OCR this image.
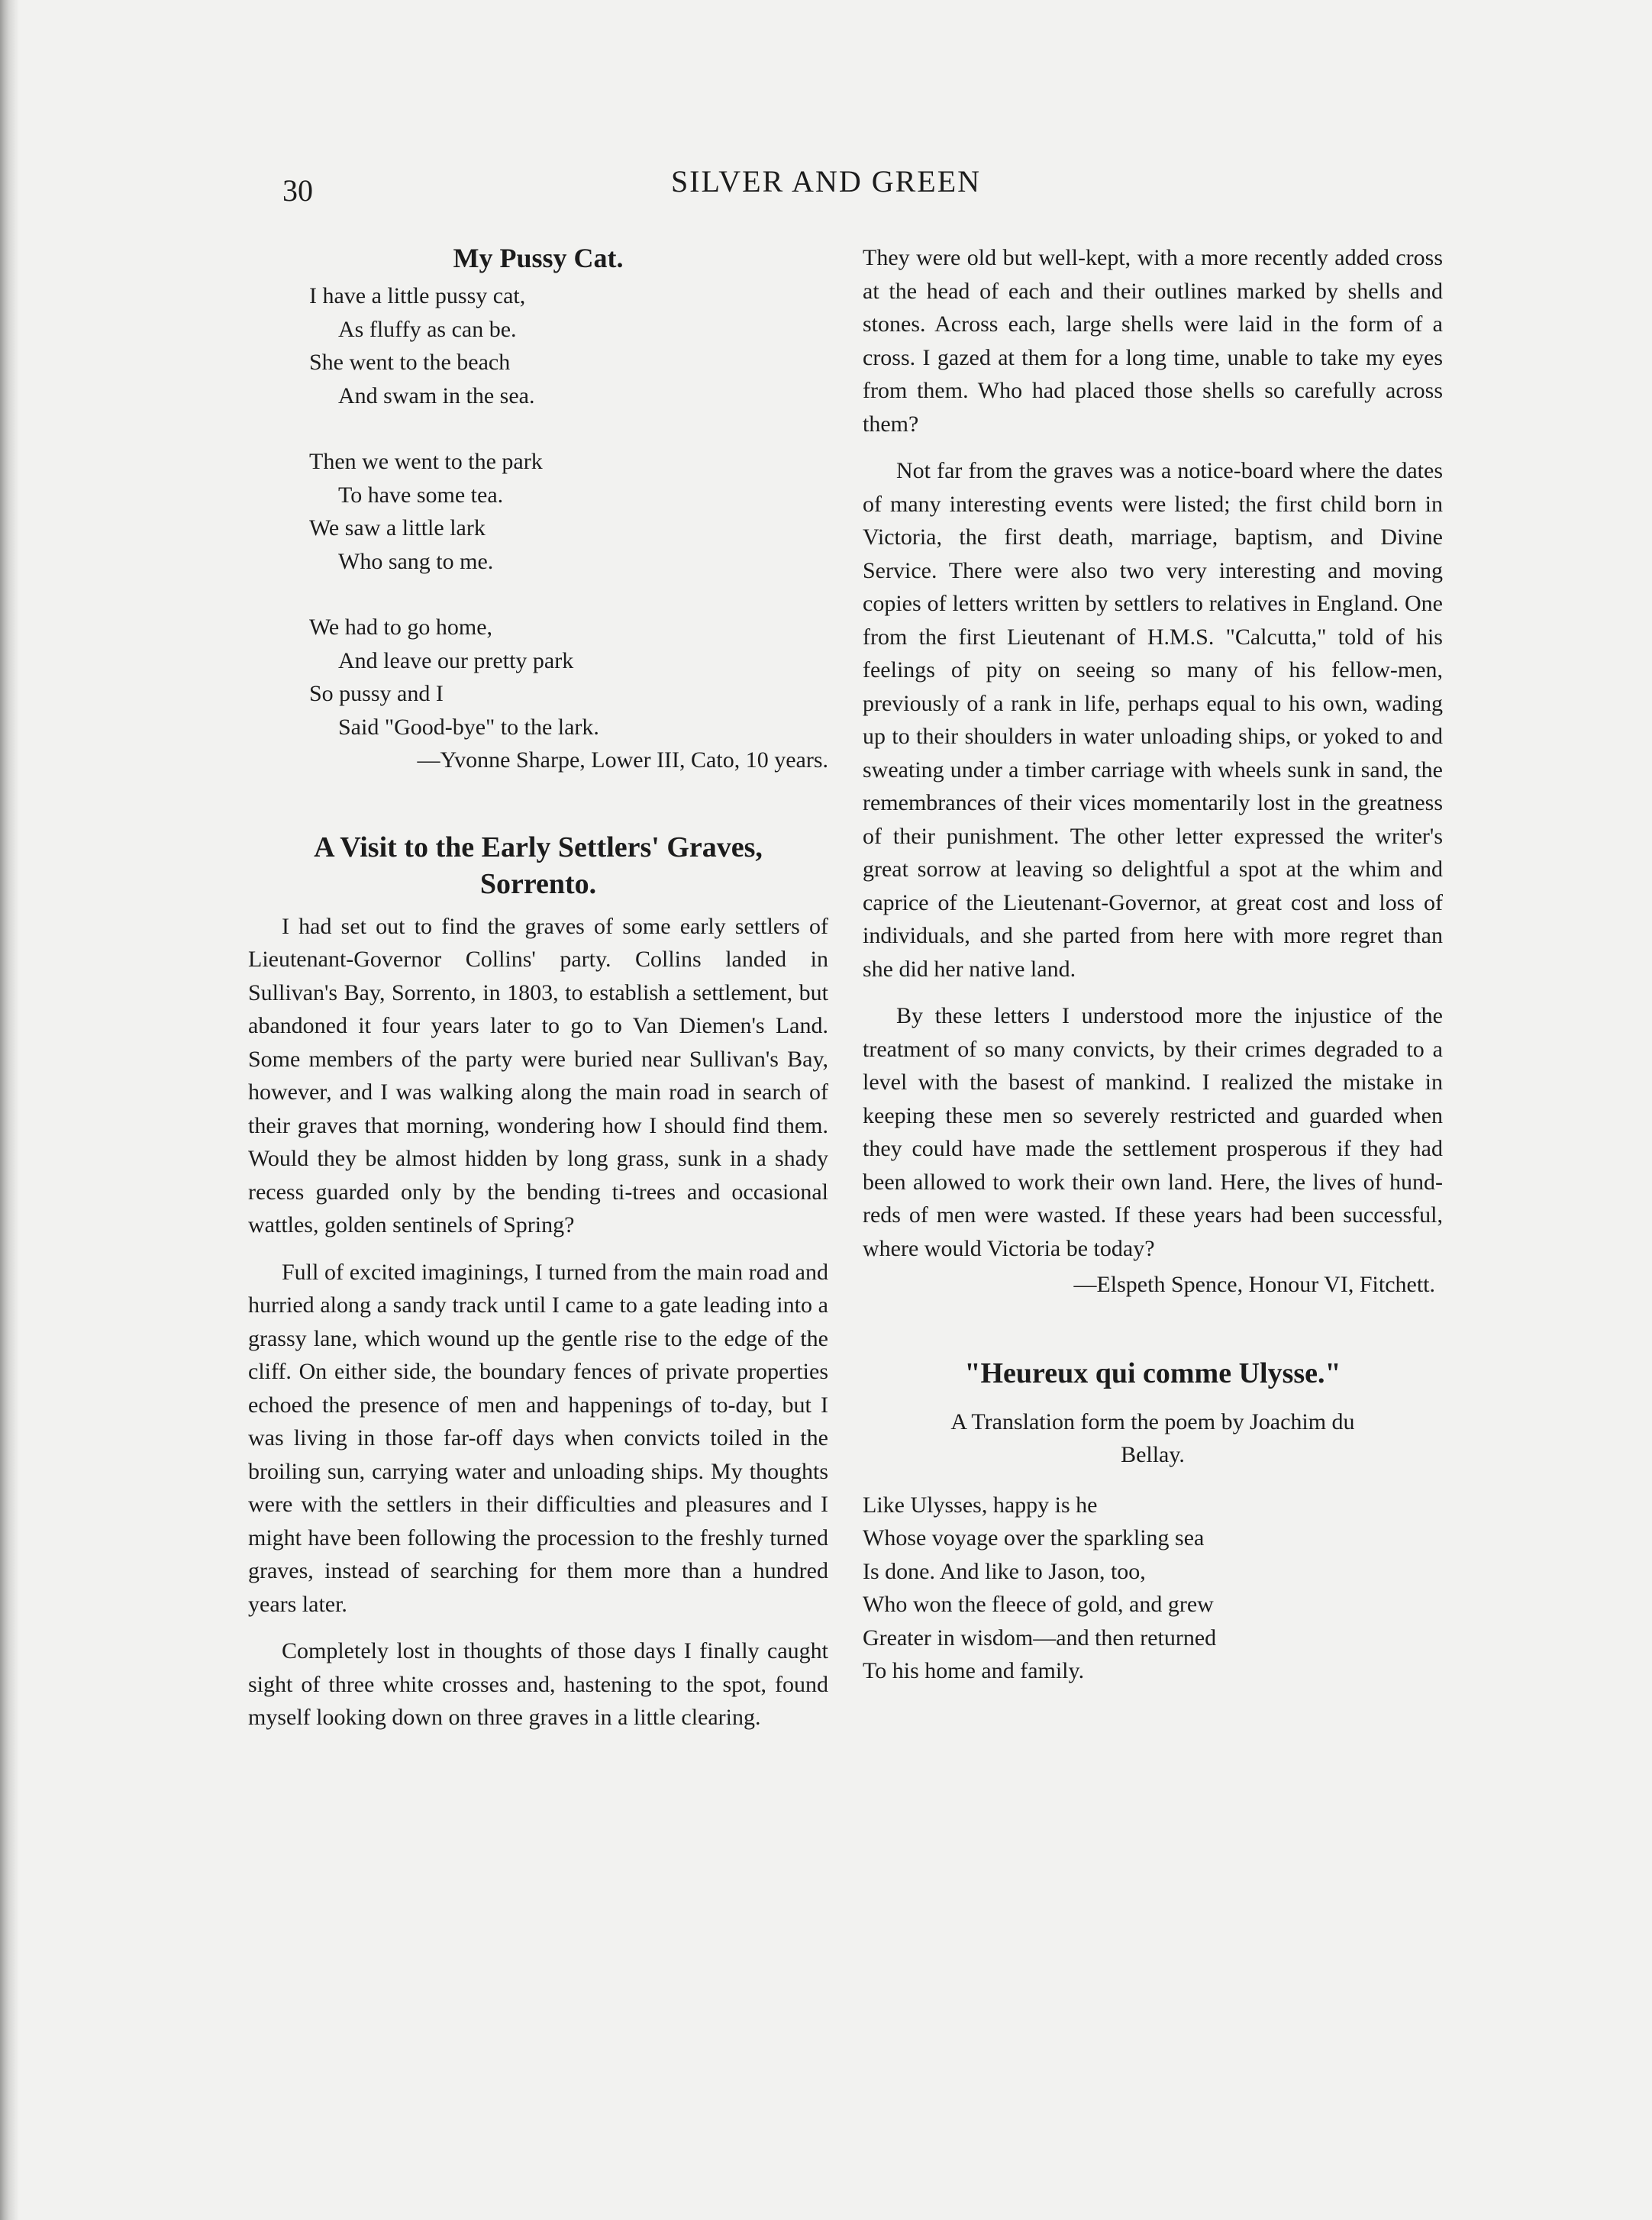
30	SILVER AND GREEN
My Pussy Cat.
I have a little pussy cat,
As fluffy as can be.
She went to the beach
And swam in the sea.
Then we went to the park
To have some tea.
We saw a little lark
Who sang to me.
We had to go home,
And leave our pretty park
So pussy and I
Said "Good-bye" to the lark.
—Yvonne Sharpe, Lower III, Cato, 10 years.
A Visit to the Early Settlers' Graves,
Sorrento.

I had set out to find the graves of some early settlers of Lieutenant-Governor Collins' party. Collins landed in Sullivan's Bay, Sorrento, in 1803, to establish a settlement, but abandoned it four years later to go to Van Diemen's Land. Some members of the party were buried near Sullivan's Bay, however, and I was walking along the main road in search of their graves that morning, wondering how I should find them. Would they be almost hidden by long grass, sunk in a shady recess guarded only by the bending ti-trees and occasional wattles, golden sentinels of Spring?

Full of excited imaginings, I turned from the main road and hurried along a sandy track until I came to a gate leading into a grassy lane, which wound up the gentle rise to the edge of the cliff. On either side, the boundary fences of private properties echoed the presence of men and happenings of to-day, but I was living in those far-off days when convicts toiled in the broiling sun, carrying water and unloading ships. My thoughts were with the settlers in their difficulties and pleasures and I might have been following the procession to the freshly turned graves, instead of searching for them more than a hundred years later.

Completely lost in thoughts of those days I finally caught sight of three white crosses and, hastening to the spot, found myself looking down on three graves in a little clearing.

They were old but well-kept, with a more recently added cross at the head of each and their outlines marked by shells and stones. Across each, large shells were laid in the form of a cross. I gazed at them for a long time, unable to take my eyes from them. Who had placed those shells so carefully across them?

Not far from the graves was a notice-board where the dates of many interesting events were listed; the first child born in Victoria, the first death, marriage, baptism, and Divine Service. There were also two very interesting and moving copies of letters written by settlers to relatives in England. One from the first Lieutenant of H.M.S. "Calcutta," told of his feelings of pity on seeing so many of his fellow-men, previously of a rank in life, perhaps equal to his own, wading up to their shoulders in water unloading ships, or yoked to and sweating under a timber carriage with wheels sunk in sand, the remembrances of their vices momentarily lost in the greatness of their punishment. The other letter expressed the writer's great sorrow at leaving so delightful a spot at the whim and caprice of the Lieutenant-Governor, at great cost and loss of individuals, and she parted from here with more regret than she did her native land.

By these letters I understood more the injustice of the treatment of so many convicts, by their crimes degraded to a level with the basest of mankind. I realized the mistake in keeping these men so severely restricted and guarded when they could have made the settlement prosperous if they had been allowed to work their own land. Here, the lives of hundreds of men were wasted. If these years had been successful, where would Victoria be today?

—Elspeth Spence, Honour VI, Fitchett.
"Heureux qui comme Ulysse."
A Translation form the poem by Joachim du
Bellay.
Like Ulysses, happy is he
Whose voyage over the sparkling sea
Is done. And like to Jason, too,
Who won the fleece of gold, and grew
Greater in wisdom—and then returned
To his home and family.
